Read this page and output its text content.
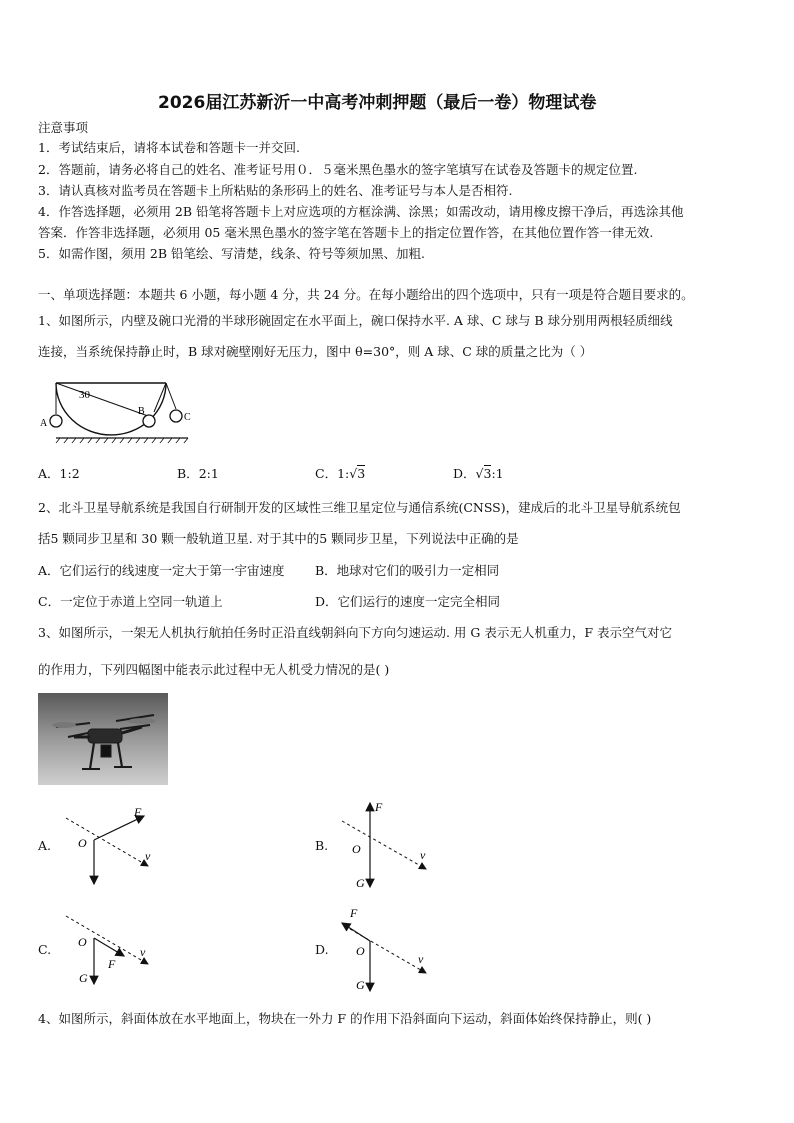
2026届江苏新沂一中高考冲刺押题（最后一卷）物理试卷
注意事项
1．考试结束后，请将本试卷和答题卡一并交回.
2．答题前，请务必将自己的姓名、准考证号用０．５毫米黑色墨水的签字笔填写在试卷及答题卡的规定位置.
3．请认真核对监考员在答题卡上所粘贴的条形码上的姓名、准考证号与本人是否相符.
4．作答选择题，必须用 2B 铅笔将答题卡上对应选项的方框涂满、涂黑；如需改动，请用橡皮擦干净后，再选涂其他
答案．作答非选择题，必须用 05 毫米黑色墨水的签字笔在答题卡上的指定位置作答，在其他位置作答一律无效.
5．如需作图，须用 2B 铅笔绘、写清楚，线条、符号等须加黑、加粗.
一、单项选择题：本题共 6 小题，每小题 4 分，共 24 分。在每小题给出的四个选项中，只有一项是符合题目要求的。
1、如图所示，内壁及碗口光滑的半球形碗固定在水平面上，碗口保持水平. A 球、C 球与 B 球分别用两根轻质细线
连接，当系统保持静止时，B 球对碗壁刚好无压力，图中 θ=30°，则 A 球、C 球的质量之比为（ ）
30
A
B
C
A．1:2	B．2:1	C．1:√3	D．√3:1
2、北斗卫星导航系统是我国自行研制开发的区域性三维卫星定位与通信系统(CNSS)，建成后的北斗卫星导航系统包
括5 颗同步卫星和 30 颗一般轨道卫星. 对于其中的5 颗同步卫星，下列说法中正确的是
A．它们运行的线速度一定大于第一宇宙速度 B．地球对它们的吸引力一定相同
C．一定位于赤道上空同一轨道上	D．它们运行的速度一定完全相同
3、如图所示，一架无人机执行航拍任务时正沿直线朝斜向下方向匀速运动. 用 G 表示无人机重力，F 表示空气对它
的作用力，下列四幅图中能表示此过程中无人机受力情况的是( )
A.	B.
C.	D.
O
F
v
F
O
G
v
O
G
F
v
F
O
G
v
4、如图所示，斜面体放在水平地面上，物块在一外力 F 的作用下沿斜面向下运动，斜面体始终保持静止，则( )
